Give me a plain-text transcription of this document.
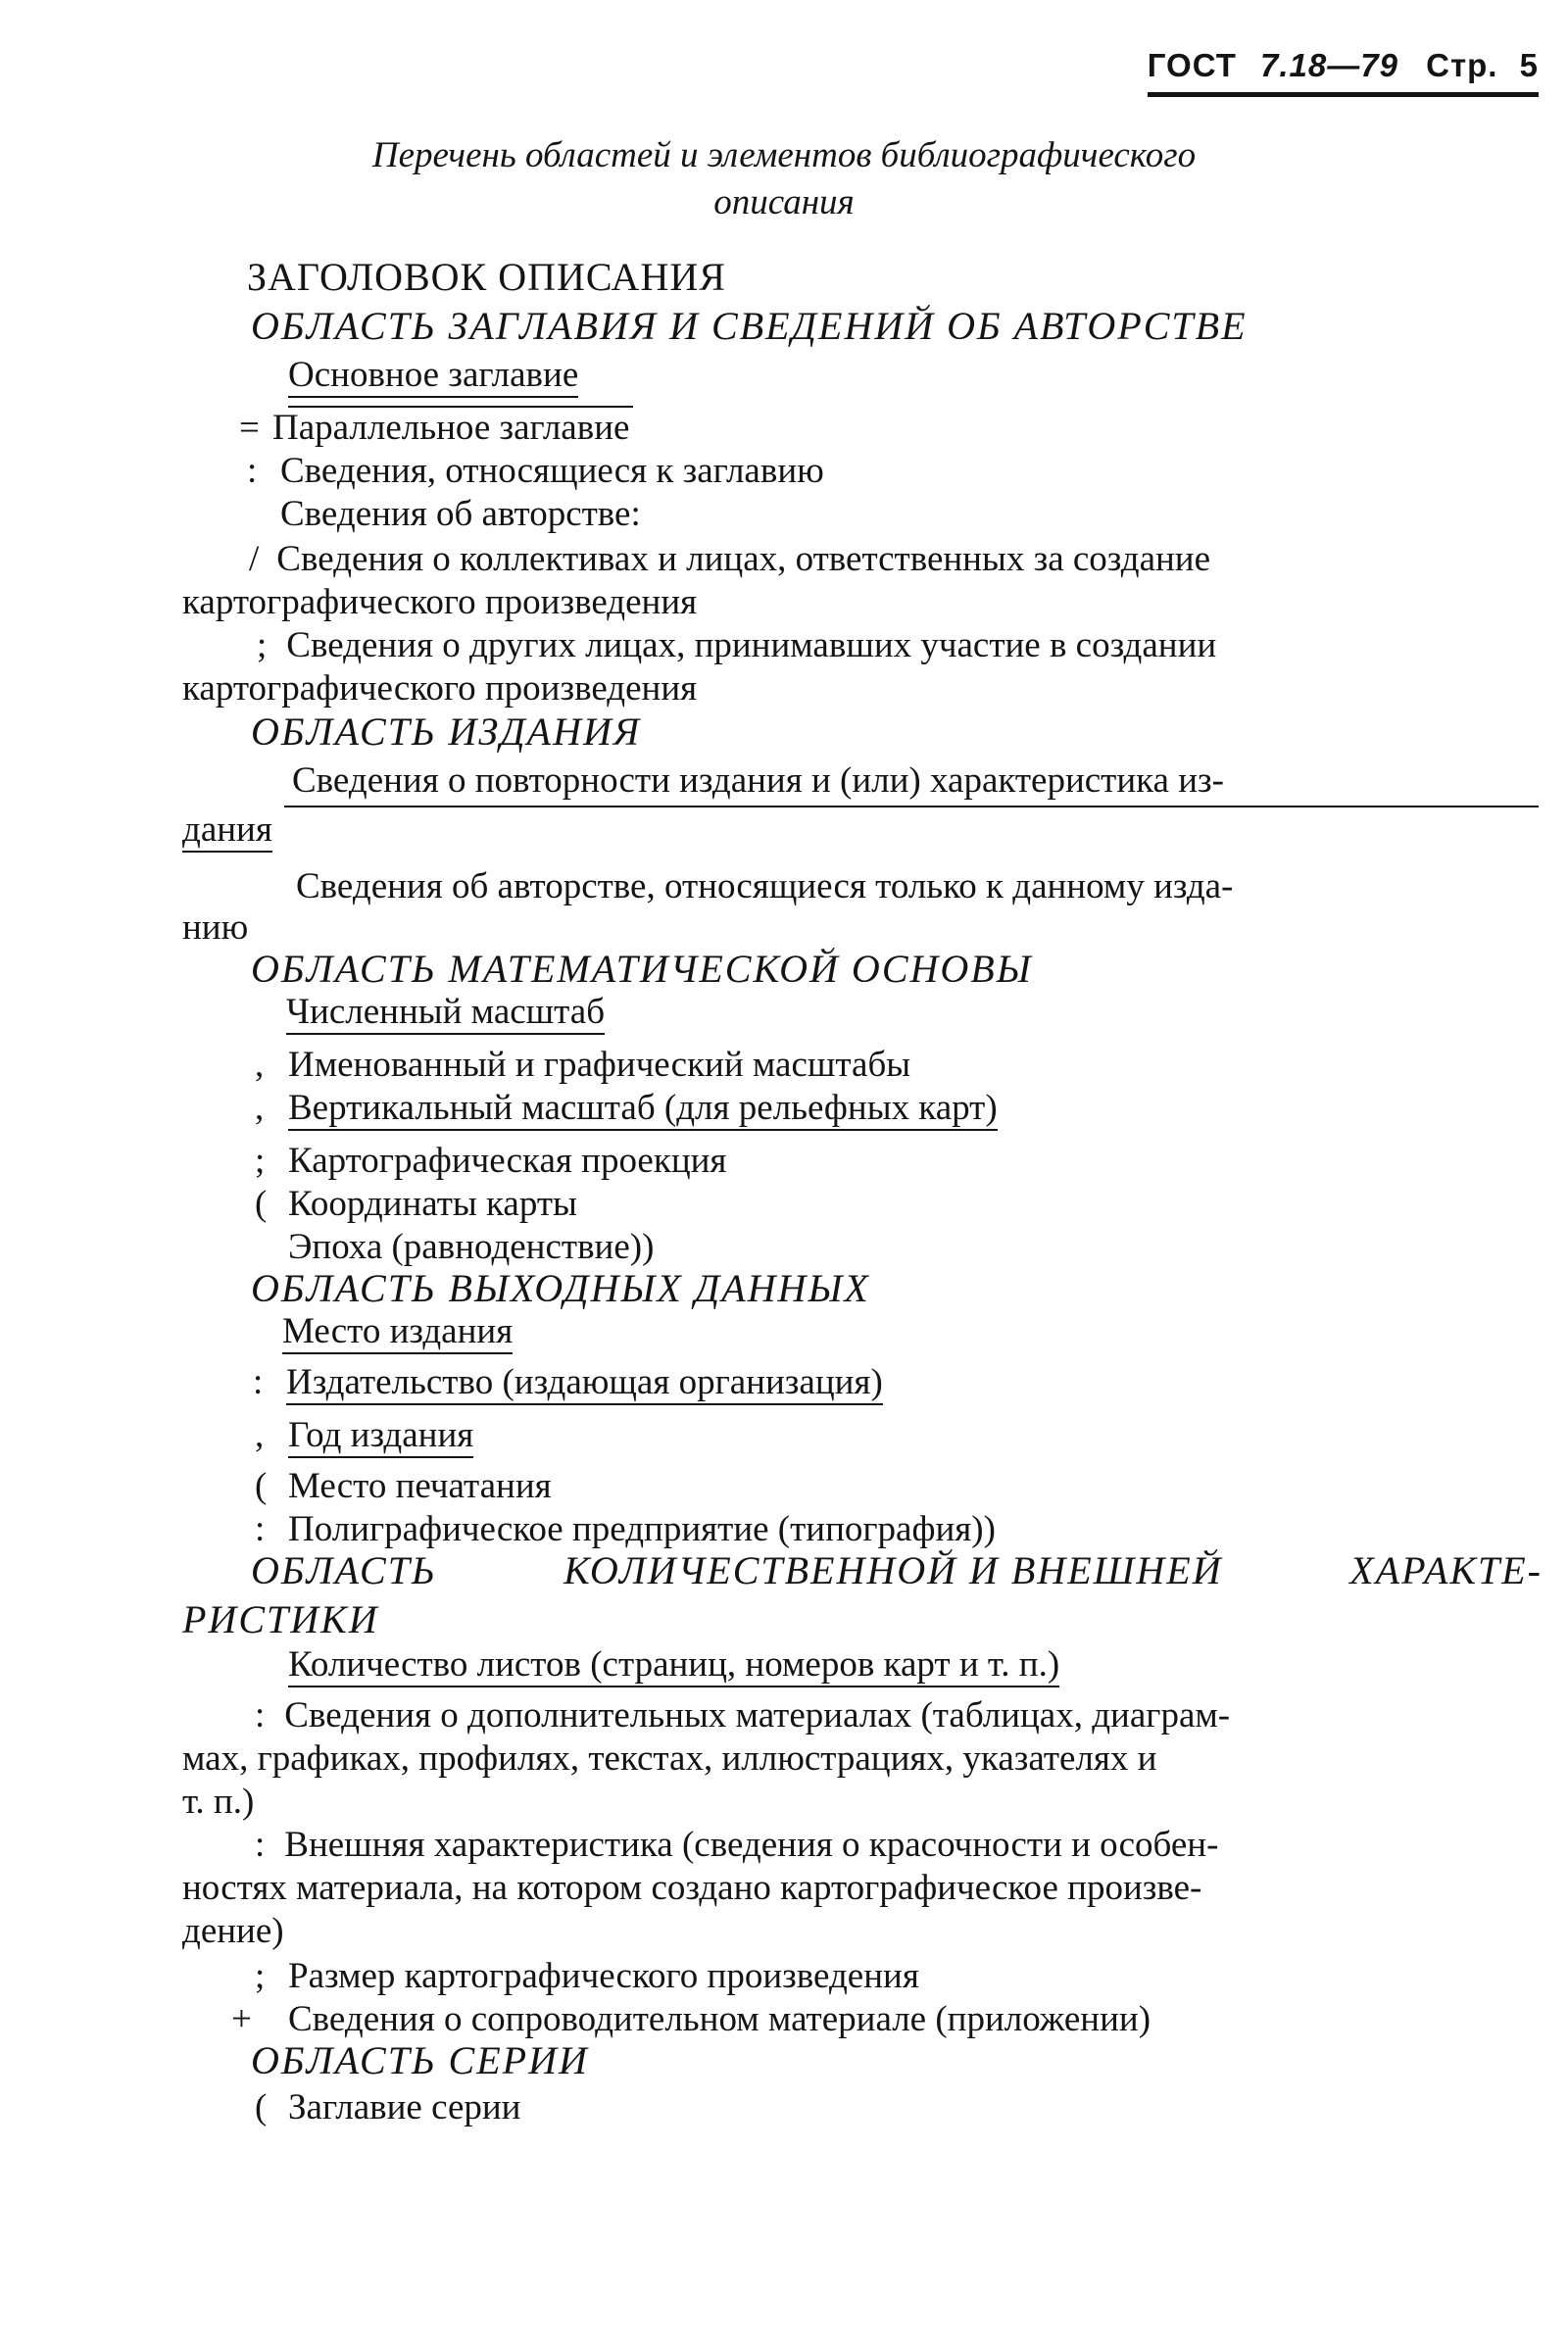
ГОСТ 7.18—79 Стр. 5
Перечень областей и элементов библиографического
описания
ЗАГОЛОВОК ОПИСАНИЯ
ОБЛАСТЬ ЗАГЛАВИЯ И СВЕДЕНИЙ ОБ АВТОРСТВЕ
Основное заглавие
= Параллельное заглавие
: Сведения, относящиеся к заглавию
Сведения об авторстве:
/ Сведения о коллективах и лицах, ответственных за создание
картографического произведения
; Сведения о других лицах, принимавших участие в создании
картографического произведения
ОБЛАСТЬ ИЗДАНИЯ
Сведения о повторности издания и (или) характеристика из-
дания
Сведения об авторстве, относящиеся только к данному изда-
нию
ОБЛАСТЬ МАТЕМАТИЧЕСКОЙ ОСНОВЫ
Численный масштаб
, Именованный и графический масштабы
, Вертикальный масштаб (для рельефных карт)
; Картографическая проекция
( Координаты карты
Эпоха (равноденствие))
ОБЛАСТЬ ВЫХОДНЫХ ДАННЫХ
Место издания
: Издательство (издающая организация)
, Год издания
( Место печатания
: Полиграфическое предприятие (типография))
ОБЛАСТЬ	КОЛИЧЕСТВЕННОЙ И ВНЕШНЕЙ	ХАРАКТЕ-
РИСТИКИ
Количество листов (страниц, номеров карт и т. п.)
: Сведения о дополнительных материалах (таблицах, диаграм-
мах, графиках, профилях, текстах, иллюстрациях, указателях и
т. п.)
: Внешняя характеристика (сведения о красочности и особен-
ностях материала, на котором создано картографическое произве-
дение)
; Размер картографического произведения
+ Сведения о сопроводительном материале (приложении)
ОБЛАСТЬ СЕРИИ
( Заглавие серии
